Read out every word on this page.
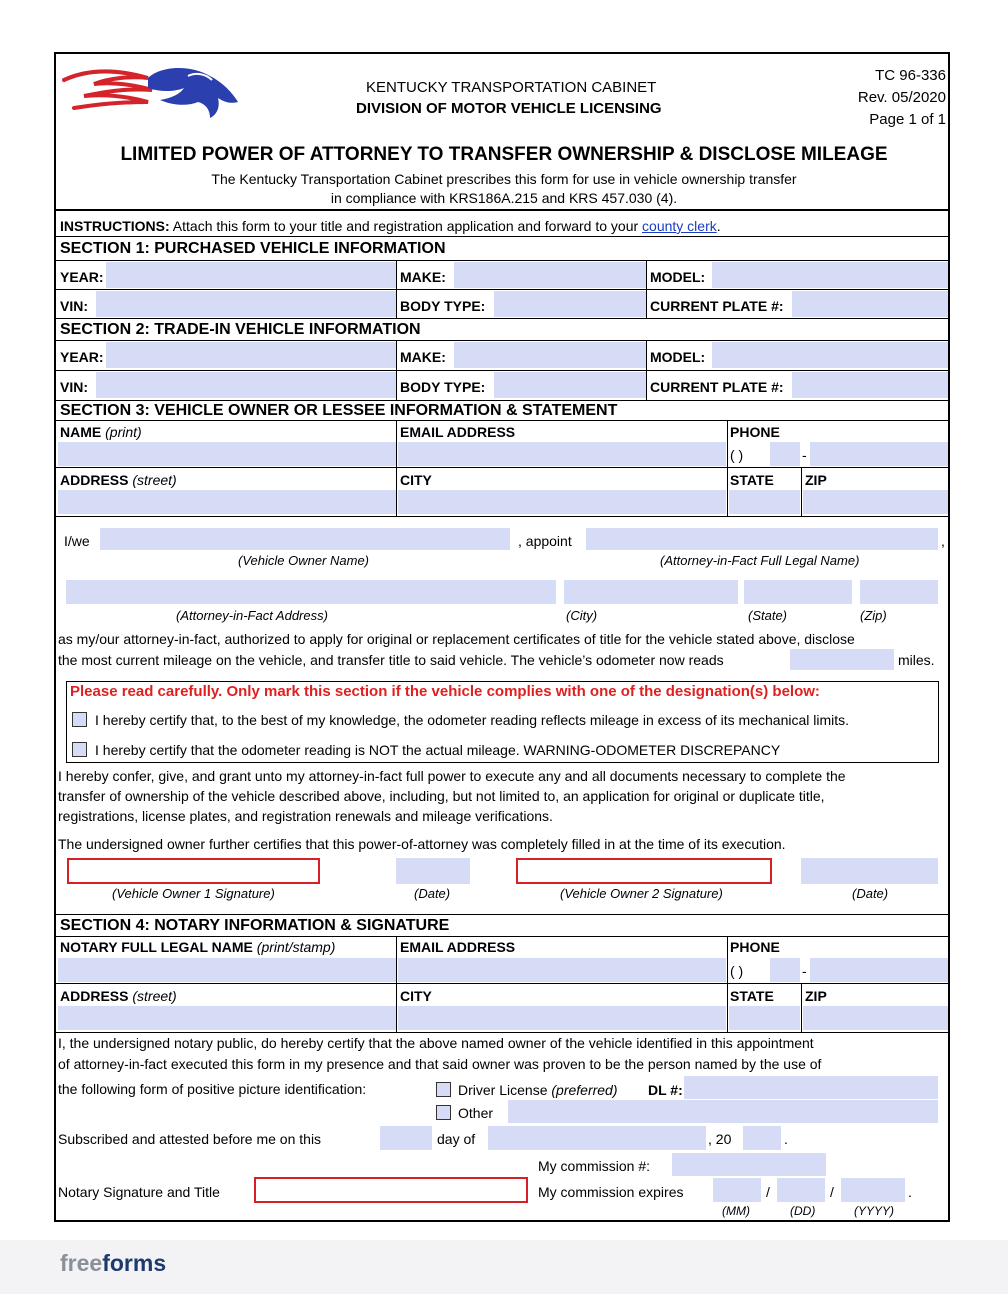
KENTUCKY TRANSPORTATION CABINET
DIVISION OF MOTOR VEHICLE LICENSING
TC 96-336
Rev. 05/2020
Page 1 of 1
LIMITED POWER OF ATTORNEY TO TRANSFER OWNERSHIP & DISCLOSE MILEAGE
The Kentucky Transportation Cabinet prescribes this form for use in vehicle ownership transfer
in compliance with KRS186A.215 and KRS 457.030 (4).
INSTRUCTIONS: Attach this form to your title and registration application and forward to your county clerk.
SECTION 1: PURCHASED VEHICLE INFORMATION
YEAR:	MAKE:	MODEL:
VIN:	BODY TYPE:	CURRENT PLATE #:
SECTION 2: TRADE-IN VEHICLE INFORMATION
YEAR:	MAKE:	MODEL:
VIN:	BODY TYPE:	CURRENT PLATE #:
SECTION 3: VEHICLE OWNER OR LESSEE INFORMATION & STATEMENT
NAME (print)	EMAIL ADDRESS	PHONE
( )	-
ADDRESS (street)	CITY	STATE ZIP
I/we	, appoint	,
(Vehicle Owner Name)	(Attorney-in-Fact Full Legal Name)
(Attorney-in-Fact Address)	(City)	(State)	(Zip)
as my/our attorney-in-fact, authorized to apply for original or replacement certificates of title for the vehicle stated above, disclose
the most current mileage on the vehicle, and transfer title to said vehicle. The vehicle’s odometer now reads	miles.
Please read carefully. Only mark this section if the vehicle complies with one of the designation(s) below:
I hereby certify that, to the best of my knowledge, the odometer reading reflects mileage in excess of its mechanical limits.
I hereby certify that the odometer reading is NOT the actual mileage. WARNING-ODOMETER DISCREPANCY
I hereby confer, give, and grant unto my attorney-in-fact full power to execute any and all documents necessary to complete the
transfer of ownership of the vehicle described above, including, but not limited to, an application for original or duplicate title,
registrations, license plates, and registration renewals and mileage verifications.
The undersigned owner further certifies that this power-of-attorney was completely filled in at the time of its execution.
(Vehicle Owner 1 Signature)	(Date)	(Vehicle Owner 2 Signature)	(Date)
SECTION 4: NOTARY INFORMATION & SIGNATURE
NOTARY FULL LEGAL NAME (print/stamp)	EMAIL ADDRESS	PHONE
( )	-
ADDRESS (street)	CITY	STATE ZIP
I, the undersigned notary public, do hereby certify that the above named owner of the vehicle identified in this appointment
of attorney-in-fact executed this form in my presence and that said owner was proven to be the person named by the use of
the following form of positive picture identification:	Driver License (preferred) DL #:
Other
Subscribed and attested before me on this	day of	, 20	.
My commission #:
Notary Signature and Title	My commission expires	/	/	.
(MM)	(DD)	(YYYY)
freeforms
